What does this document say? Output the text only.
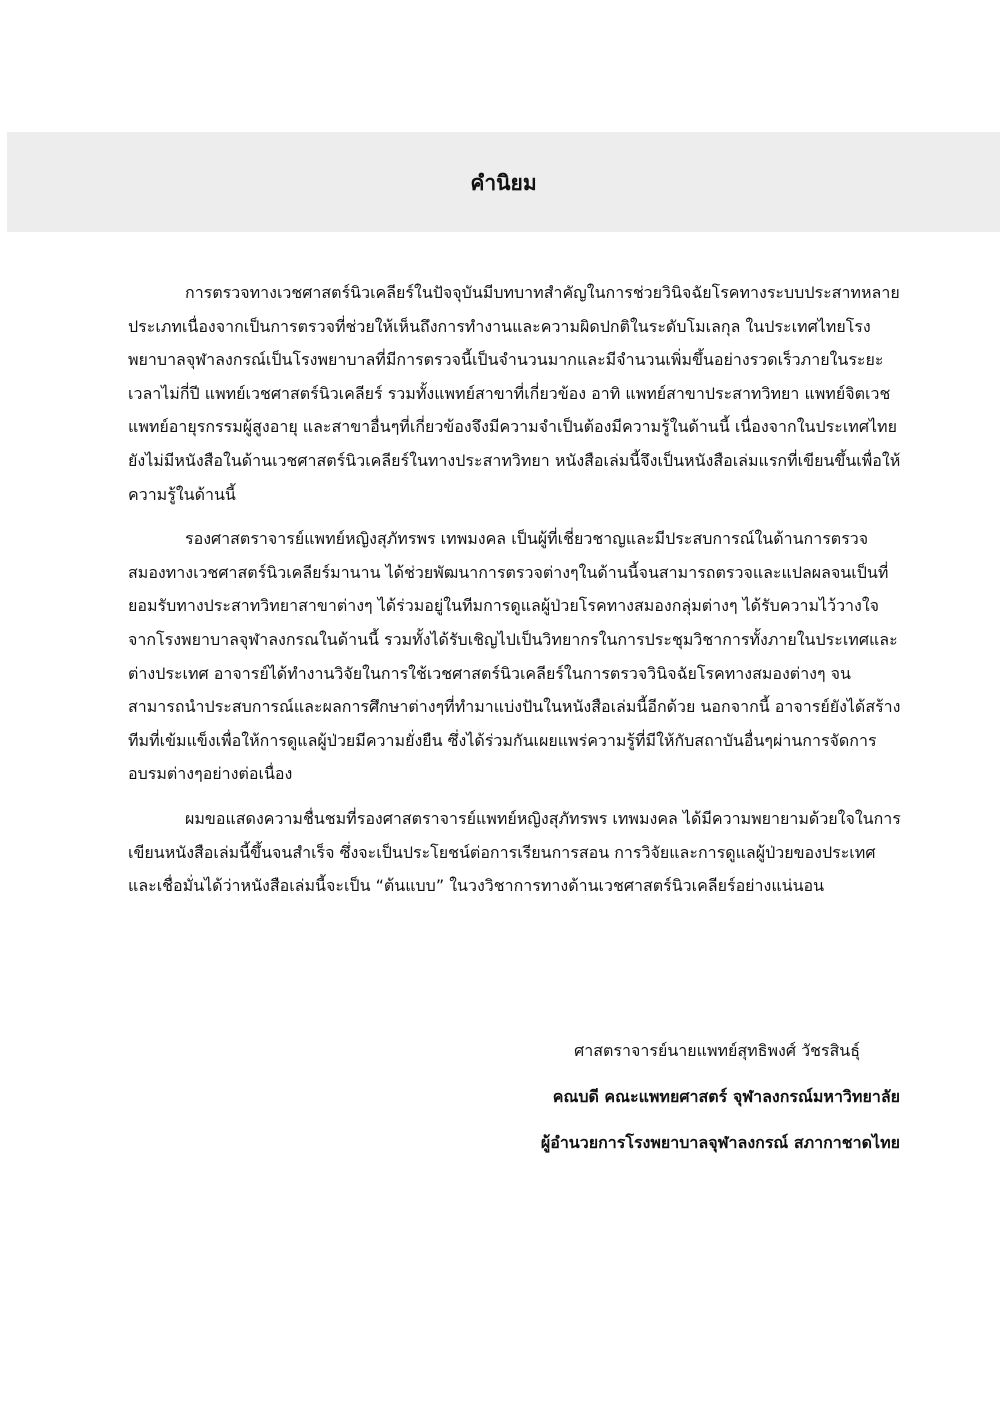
คำนิยม

การตรวจทางเวชศาสตร์นิวเคลียร์ในปัจจุบันมีบทบาทสำคัญในการช่วยวินิจฉัยโรคทางระบบประสาทหลายประเภทเนื่องจากเป็นการตรวจที่ช่วยให้เห็นถึงการทำงานและความผิดปกติในระดับโมเลกุล ในประเทศไทยโรงพยาบาลจุฬาลงกรณ์เป็นโรงพยาบาลที่มีการตรวจนี้เป็นจำนวนมากและมีจำนวนเพิ่มขึ้นอย่างรวดเร็วภายในระยะเวลาไม่กี่ปี แพทย์เวชศาสตร์นิวเคลียร์ รวมทั้งแพทย์สาขาที่เกี่ยวข้อง อาทิ แพทย์สาขาประสาทวิทยา แพทย์จิตเวช แพทย์อายุรกรรมผู้สูงอายุ และสาขาอื่นๆที่เกี่ยวข้องจึงมีความจำเป็นต้องมีความรู้ในด้านนี้ เนื่องจากในประเทศไทยยังไม่มีหนังสือในด้านเวชศาสตร์นิวเคลียร์ในทางประสาทวิทยา หนังสือเล่มนี้จึงเป็นหนังสือเล่มแรกที่เขียนขึ้นเพื่อให้ความรู้ในด้านนี้

รองศาสตราจารย์แพทย์หญิงสุภัทรพร เทพมงคล เป็นผู้ที่เชี่ยวชาญและมีประสบการณ์ในด้านการตรวจสมองทางเวชศาสตร์นิวเคลียร์มานาน ได้ช่วยพัฒนาการตรวจต่างๆในด้านนี้จนสามารถตรวจและแปลผลจนเป็นที่ยอมรับทางประสาทวิทยาสาขาต่างๆ ได้ร่วมอยู่ในทีมการดูแลผู้ป่วยโรคทางสมองกลุ่มต่างๆ ได้รับความไว้วางใจจากโรงพยาบาลจุฬาลงกรณในด้านนี้ รวมทั้งได้รับเชิญไปเป็นวิทยากรในการประชุมวิชาการทั้งภายในประเทศและต่างประเทศ อาจารย์ได้ทำงานวิจัยในการใช้เวชศาสตร์นิวเคลียร์ในการตรวจวินิจฉัยโรคทางสมองต่างๆ จนสามารถนำประสบการณ์และผลการศึกษาต่างๆที่ทำมาแบ่งปันในหนังสือเล่มนี้อีกด้วย นอกจากนี้ อาจารย์ยังได้สร้างทีมที่เข้มแข็งเพื่อให้การดูแลผู้ป่วยมีความยั่งยืน ซึ่งได้ร่วมกันเผยแพร่ความรู้ที่มีให้กับสถาบันอื่นๆผ่านการจัดการอบรมต่างๆอย่างต่อเนื่อง

ผมขอแสดงความชื่นชมที่รองศาสตราจารย์แพทย์หญิงสุภัทรพร เทพมงคล ได้มีความพยายามด้วยใจในการเขียนหนังสือเล่มนี้ขึ้นจนสำเร็จ ซึ่งจะเป็นประโยชน์ต่อการเรียนการสอน การวิจัยและการดูแลผู้ป่วยของประเทศ และเชื่อมั่นได้ว่าหนังสือเล่มนี้จะเป็น “ต้นแบบ” ในวงวิชาการทางด้านเวชศาสตร์นิวเคลียร์อย่างแน่นอน

ศาสตราจารย์นายแพทย์สุทธิพงศ์ วัชรสินธุ์
คณบดี คณะแพทยศาสตร์ จุฬาลงกรณ์มหาวิทยาลัย
ผู้อำนวยการโรงพยาบาลจุฬาลงกรณ์ สภากาชาดไทย
